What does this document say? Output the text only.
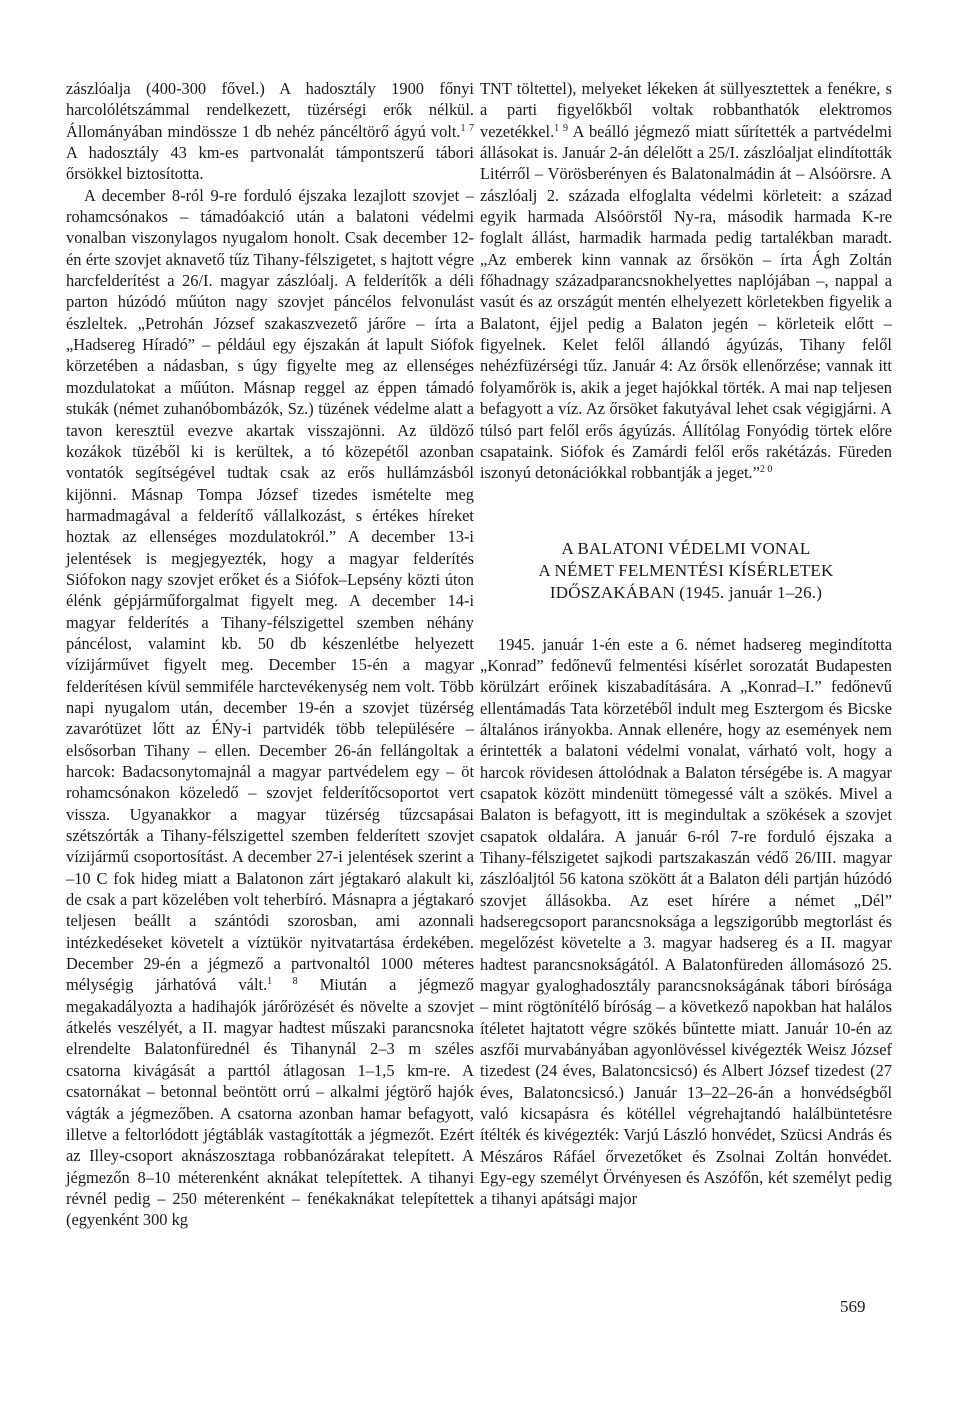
zászlóalja (400-300 fővel.) A hadosztály 1900 főnyi harcolólétszámmal rendelkezett, tüzérségi erők nélkül. Állományában mindössze 1 db nehéz páncéltörő ágyú volt.$^{1 7}$ A hadosztály 43 km-es partvonalát támpontszerű tábori őrsökkel biztosította.

A december 8-ról 9-re forduló éjszaka lezajlott szovjet – rohamcsónakos – támadóakció után a balatoni védelmi vonalban viszonylagos nyugalom honolt. Csak december 12-én érte szovjet aknavető tűz Tihany-félszigetet, s hajtott végre harcfelderítést a 26/I. magyar zászlóalj. A felderítők a déli parton húzódó műúton nagy szovjet páncélos felvonulást észleltek. „Petrohán József szakaszvezető járőre – írta a „Hadsereg Híradó” – például egy éjszakán át lapult Siófok körzetében a nádasban, s úgy figyelte meg az ellenséges mozdulatokat a műúton. Másnap reggel az éppen támadó stukák (német zuhanóbombázók, Sz.) tüzének védelme alatt a tavon keresztül evezve akartak visszajönni. Az üldöző kozákok tüzéből ki is kerültek, a tó közepétől azonban vontatók segítségével tudtak csak az erős hullámzásból kijönni. Másnap Tompa József tizedes ismételte meg harmadmagával a felderítő vállalkozást, s értékes híreket hoztak az ellenséges mozdulatokról.” A december 13-i jelentések is megjegyezték, hogy a magyar felderítés Siófokon nagy szovjet erőket és a Siófok–Lepsény közti úton élénk gépjárműforgalmat figyelt meg. A december 14-i magyar felderítés a Tihany-félszigettel szemben néhány páncélost, valamint kb. 50 db készenlétbe helyezett vízijárművet figyelt meg. December 15-én a magyar felderítésen kívül semmiféle harctevékenység nem volt. Több napi nyugalom után, december 19-én a szovjet tüzérség zavarótüzet lőtt az ÉNy-i partvidék több településére – elsősorban Tihany – ellen. December 26-án fellángoltak a harcok: Badacsonytomajnál a magyar partvédelem egy – öt rohamcsónakon közeledő – szovjet felderítőcsoportot vert vissza. Ugyanakkor a magyar tüzérség tűzcsapásai szétszórták a Tihany-félszigettel szemben felderített szovjet vízijármű csoportosítást. A december 27-i jelentések szerint a –10 C fok hideg miatt a Balatonon zárt jégtakaró alakult ki, de csak a part közelében volt teherbíró. Másnapra a jégtakaró teljesen beállt a szántódi szorosban, ami azonnali intézkedéseket követelt a víztükör nyitvatartása érdekében. December 29-én a jégmező a partvonaltól 1000 méteres mélységig járhatóvá vált.$^{1 8}$ Miután a jégmező megakadályozta a hadihajók járőrözését és növelte a szovjet átkelés veszélyét, a II. magyar hadtest műszaki parancsnoka elrendelte Balatonfürednél és Tihanynál 2–3 m széles csatorna kivágását a parttól átlagosan 1–1,5 km-re. A csatornákat – betonnal beöntött orrú – alkalmi jégtörő hajók vágták a jégmezőben. A csatorna azonban hamar befagyott, illetve a feltorlódott jégtáblák vastagították a jégmezőt. Ezért az Illey-csoport aknászosztaga robbanózárakat telepített. A jégmezőn 8–10 méterenként aknákat telepítettek. A tihanyi révnél pedig – 250 méterenként – fenékaknákat telepítettek (egyenként 300 kg

TNT töltettel), melyeket lékeken át süllyesztettek a fenékre, s a parti figyelőkből voltak robbanthatók elektromos vezetékkel.$^{1 9}$ A beálló jégmező miatt sűrítették a partvédelmi állásokat is. Január 2-án délelőtt a 25/I. zászlóaljat elindították Litérről – Vörösberényen és Balatonalmádin át – Alsóörsre. A zászlóalj 2. százada elfoglalta védelmi körleteit: a század egyik harmada Alsóörstől Ny-ra, második harmada K-re foglalt állást, harmadik harmada pedig tartalékban maradt. „Az emberek kinn vannak az őrsökön – írta Ágh Zoltán főhadnagy századparancsnokhelyettes naplójában –, nappal a vasút és az országút mentén elhelyezett körletekben figyelik a Balatont, éjjel pedig a Balaton jegén – körleteik előtt – figyelnek. Kelet felől állandó ágyúzás, Tihany felől nehézfüzérségi tűz. Január 4: Az őrsök ellenőrzése; vannak itt folyamőrök is, akik a jeget hajókkal törték. A mai nap teljesen befagyott a víz. Az őrsöket fakutyával lehet csak végigjárni. A túlsó part felől erős ágyúzás. Állítólag Fonyódig törtek előre csapataink. Siófok és Zamárdi felől erős rakétázás. Füreden iszonyú detonációkkal robbantják a jeget.”$^{2 0}$

A BALATONI VÉDELMI VONAL
A NÉMET FELMENTÉSI KÍSÉRLETEK
IDŐSZAKÁBAN (1945. január 1–26.)

1945. január 1-én este a 6. német hadsereg megindította „Konrad” fedőnevű felmentési kísérlet sorozatát Budapesten körülzárt erőinek kiszabadítására. A „Konrad–I.” fedőnevű ellentámadás Tata körzetéből indult meg Esztergom és Bicske általános irányokba. Annak ellenére, hogy az események nem érintették a balatoni védelmi vonalat, várható volt, hogy a harcok rövidesen áttolódnak a Balaton térségébe is. A magyar csapatok között mindenütt tömegessé vált a szökés. Mivel a Balaton is befagyott, itt is megindultak a szökések a szovjet csapatok oldalára. A január 6-ról 7-re forduló éjszaka a Tihany-félszigetet sajkodi partszakaszán védő 26/III. magyar zászlóaljtól 56 katona szökött át a Balaton déli partján húzódó szovjet állásokba. Az eset hírére a német „Dél” hadseregcsoport parancsnoksága a legszigorúbb megtorlást és megelőzést követelte a 3. magyar hadsereg és a II. magyar hadtest parancsnokságától. A Balatonfüreden állomásozó 25. magyar gyaloghadosztály parancsnokságának tábori bírósága – mint rögtönítélő bíróság – a következő napokban hat halálos ítéletet hajtatott végre szökés bűntette miatt. Január 10-én az aszfői murvabányában agyonlövéssel kivégezték Weisz József tizedest (24 éves, Balatoncsicsó) és Albert József tizedest (27 éves, Balatoncsicsó.) Január 13–22–26-án a honvédségből való kicsapásra és kötéllel végrehajtandó halálbüntetésre ítélték és kivégezték: Varjú László honvédet, Szücsi András és Mészáros Ráfáel őrvezetőket és Zsolnai Zoltán honvédet. Egy-egy személyt Örvényesen és Aszófőn, két személyt pedig a tihanyi apátsági major

569
